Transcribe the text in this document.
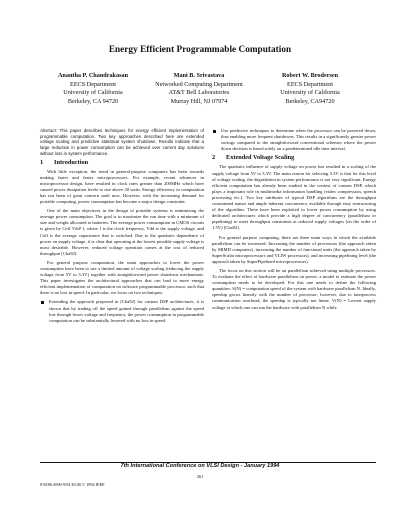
Energy Efficient Programmable Computation
Anantha P. Chandrakasan
EECS Department
University of California
Berkeley, CA 94720
Mani B. Srivastava
Networked Computing Department
AT&T Bell Laboratories
Murray Hill, NJ 07974
Robert W. Brodersen
EECS Department
University of California
Berkeley, CA94720

Abstract: This paper describes techniques for energy efficient implementation of programmable computation. Two key approaches described here are extended voltage scaling and predictive statistical system shutdown. Results indicate that a large reduction in power consumption can be achieved over current day solutions without loss in system performance.

1 Introduction

With little exception, the trend in general-purpose computers has been towards making faster and faster microprocessors. For example, recent advances in microprocessor design, have resulted in clock rates greater than 200MHz which have caused power dissipation levels to rise above 30 watts. Energy efficiency in computation has not been of great concern until now. However, with the increasing demand for portable computing, power consumption has become a major design constraint.

One of the main objectives in the design of portable systems is minimizing the average power consumption. The goal is to maximize the run time with a minimum of size and weight allocated to batteries. The average power consumption in CMOS circuits is given by Ceff Vdd² f, where f is the clock frequency, Vdd is the supply voltage, and Ceff is the average capacitance that is switched. Due to the quadratic dependence of power on supply voltage, it is clear that operating at the lowest possible supply voltage is most desirable. However, reduced voltage operation comes at the cost of reduced throughput [Cha92].

For general purpose computation, the main approaches to lower the power consumption have been to use a limited amount of voltage scaling (reducing the supply voltage from 5V to 3.3V) together with straightforward power shutdown mechanisms. This paper investigates the architectural approaches that can lead to more energy efficient implementation of computation on software programmable processor, such that there is no loss in speed. In particular, we focus on two techniques:

Extending the approach proposed in [Cha92] for custom DSP architectures, it is shown that by trading off the speed gained through parallelism against the speed lost through lower voltage and frequency, the power consumption in programmable computation can be substantially lowered with no loss in speed.
Use predictive techniques to determine when the processor can be powered down, thus enabling more frequent shutdowns. This results in a significantly greater power savings compared to the straightforward conventional schemes where the power down decision is based solely on a predetermined idle time interval.
2 Extended Voltage Scaling

The quadratic influence of supply voltage on power has resulted in a scaling of the supply voltage from 5V to 3.3V. The main reason for selecting 3.3V is that for this level of voltage scaling, the degradation in system performance is not very significant. Energy efficient computation has already been studied in the context of custom DSP, which plays a important role in multimedia information handling (video compression, speech processing etc.). Two key attributes of typical DSP algorithms are the throughput constrained nature and ample inherent concurrency available through easy restructuring of the algorithm. These have been exploited to lower power consumption by using dedicated architectures which provide a high degree of concurrency (parallelism or pipelining) to meet throughput constraints at reduced supply voltages (on the order of 1.5V) [Cha92].

For general purpose computing, there are three main ways in which the available parallelism can be increased: Increasing the number of processors (the approach taken by MIMD computers), increasing the number of functional units (the approach taken by SuperScalar microprocessors and VLIW processors), and increasing pipelining level (the approach taken by SuperPipelined microprocessors).

The focus on this section will be on parallelism achieved using multiple processors. To evaluate the effect of hardware parallelism on power, a model to estimate the power consumption needs to be developed. For this one needs to define the following quantities: S(N) = computation speed of the system with hardware parallelism N. Ideally, speedup grows linearly with the number of processor; however, due to interprocess communication overhead, the speedup is typically not linear. V(N) = Lowest supply voltage at which one can run the hardware with parallelism N while

7th International Conference on VLSI Design - January 1994
261
0-8186-4990-9/94 $3.00 © 1994 IEEE
